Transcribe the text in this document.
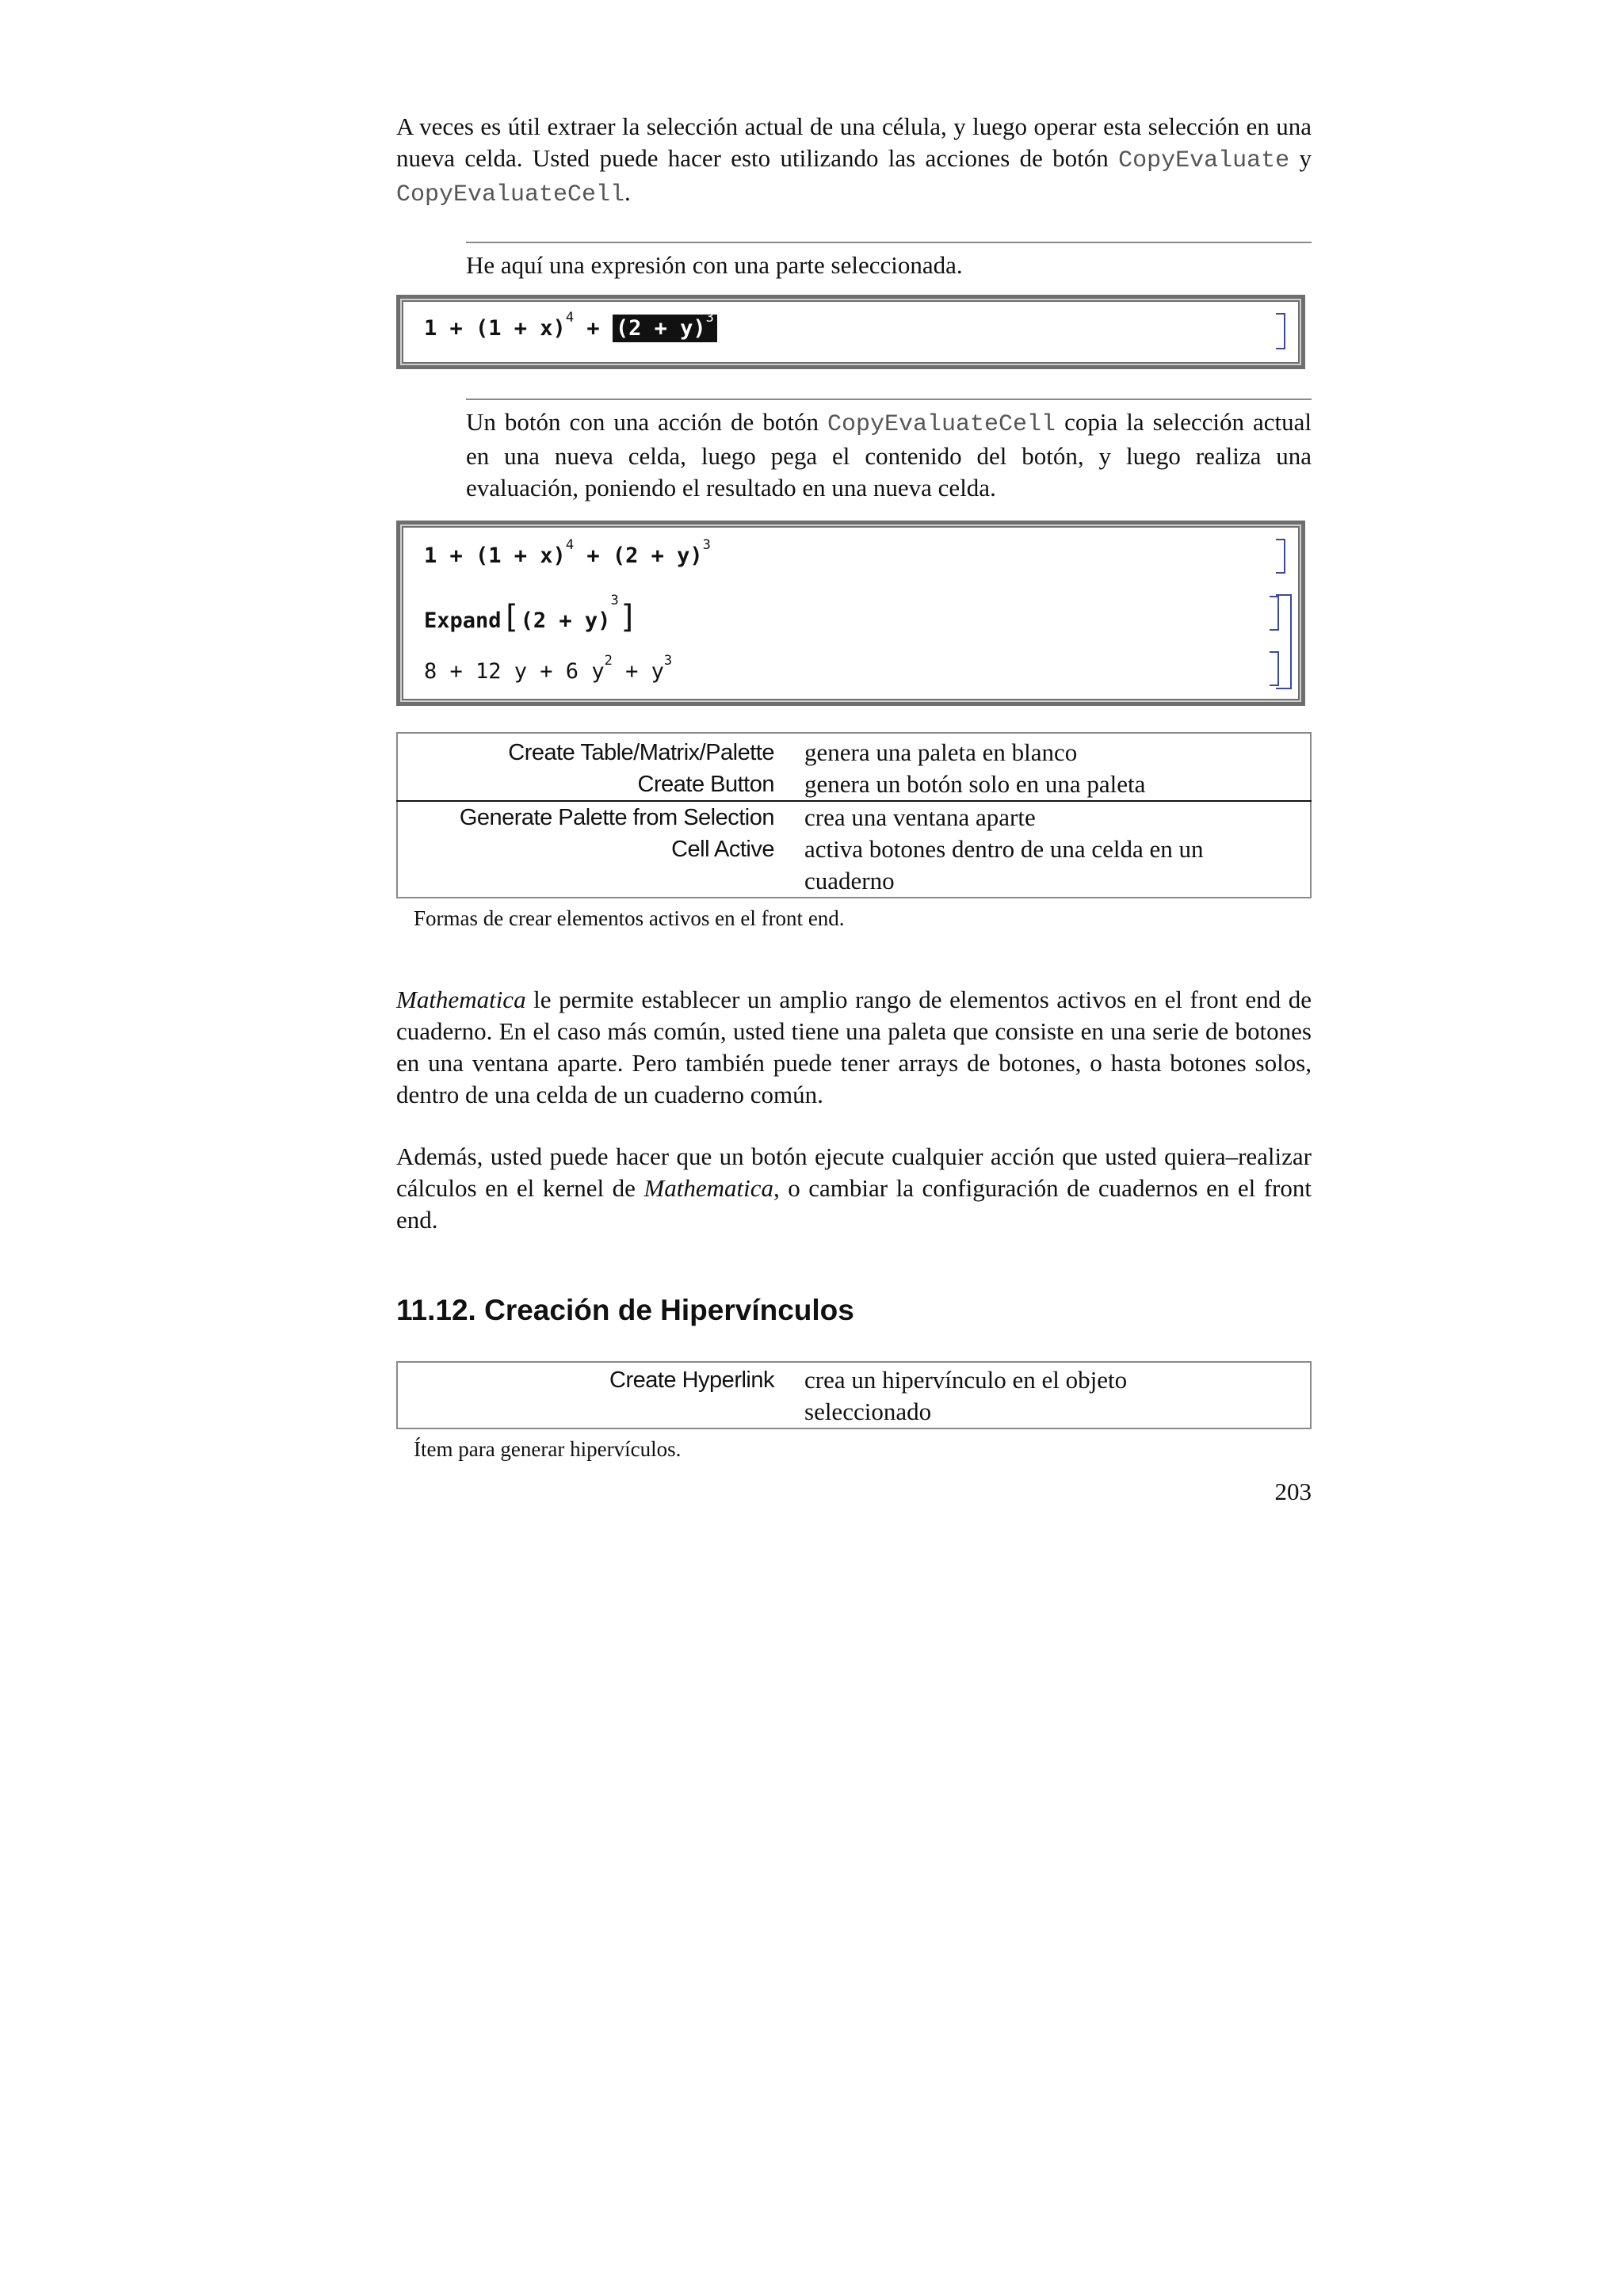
A veces es útil extraer la selección actual de una célula, y luego operar esta selección en una nueva celda. Usted puede hacer esto utilizando las acciones de botón CopyEvaluate y CopyEvaluateCell.

He aquí una expresión con una parte seleccionada.

$1 + (1 + x)^4 + (2 + y)^3$

Un botón con una acción de botón CopyEvaluateCell copia la selección actual en una nueva celda, luego pega el contenido del botón, y luego realiza una evaluación, poniendo el resultado en una nueva celda.

$1 + (1 + x)^4 + (2 + y)^3$
Expand[(2 + y)$^3$]
8 + 12 y + 6 $y^2 + y^3$
Create Table/Matrix/Palette	genera una paleta en blanco
Create Button	genera un botón solo en una paleta
Generate Palette from Selection	crea una ventana aparte
Cell Active	activa botones dentro de una celda en un cuaderno

Formas de crear elementos activos en el front end.

Mathematica le permite establecer un amplio rango de elementos activos en el front end de cuaderno. En el caso más común, usted tiene una paleta que consiste en una serie de botones en una ventana aparte. Pero también puede tener arrays de botones, o hasta botones solos, dentro de una celda de un cuaderno común.

Además, usted puede hacer que un botón ejecute cualquier acción que usted quiera–realizar cálculos en el kernel de Mathematica, o cambiar la configuración de cuadernos en el front end.

11.12. Creación de Hipervínculos
Create Hyperlink	crea un hipervínculo en el objeto seleccionado

Ítem para generar hipervículos.

203
